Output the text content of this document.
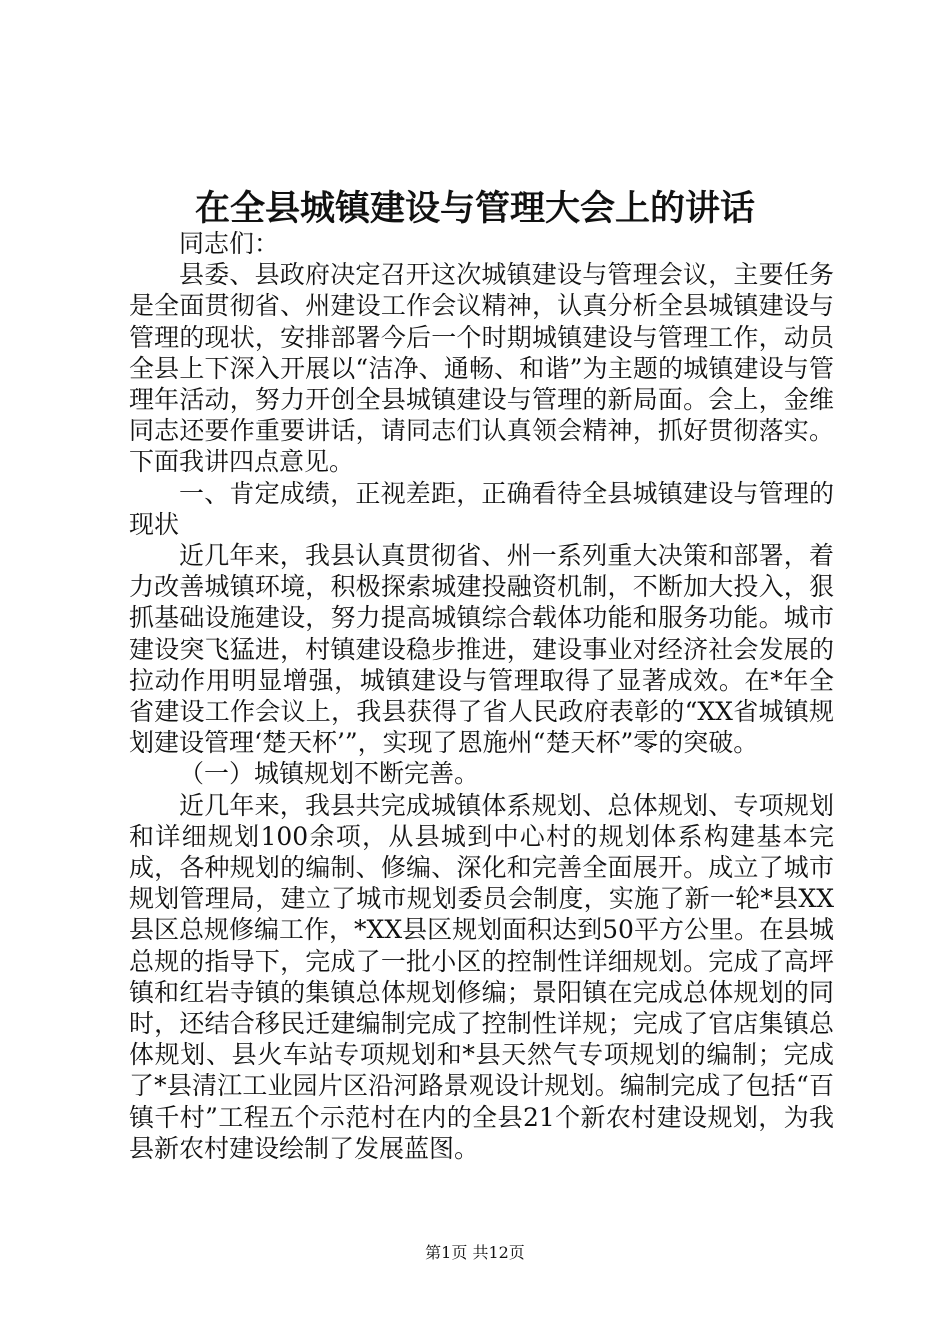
在全县城镇建设与管理大会上的讲话

同志们：

县委、县政府决定召开这次城镇建设与管理会议，主要任务是全面贯彻省、州建设工作会议精神，认真分析全县城镇建设与管理的现状，安排部署今后一个时期城镇建设与管理工作，动员全县上下深入开展以“洁净、通畅、和谐”为主题的城镇建设与管理年活动，努力开创全县城镇建设与管理的新局面。会上，金维同志还要作重要讲话，请同志们认真领会精神，抓好贯彻落实。下面我讲四点意见。

一、肯定成绩，正视差距，正确看待全县城镇建设与管理的现状

近几年来，我县认真贯彻省、州一系列重大决策和部署，着力改善城镇环境，积极探索城建投融资机制，不断加大投入，狠抓基础设施建设，努力提高城镇综合载体功能和服务功能。城市建设突飞猛进，村镇建设稳步推进，建设事业对经济社会发展的拉动作用明显增强，城镇建设与管理取得了显著成效。在*年全省建设工作会议上，我县获得了省人民政府表彰的“XX省城镇规划建设管理‘楚天杯’”，实现了恩施州“楚天杯”零的突破。

（一）城镇规划不断完善。

近几年来，我县共完成城镇体系规划、总体规划、专项规划和详细规划100余项，从县城到中心村的规划体系构建基本完成，各种规划的编制、修编、深化和完善全面展开。成立了城市规划管理局，建立了城市规划委员会制度，实施了新一轮*县XX县区总规修编工作，*XX县区规划面积达到50平方公里。在县城总规的指导下，完成了一批小区的控制性详细规划。完成了高坪镇和红岩寺镇的集镇总体规划修编；景阳镇在完成总体规划的同时，还结合移民迁建编制完成了控制性详规；完成了官店集镇总体规划、县火车站专项规划和*县天然气专项规划的编制；完成了*县清江工业园片区沿河路景观设计规划。编制完成了包括“百镇千村”工程五个示范村在内的全县21个新农村建设规划，为我县新农村建设绘制了发展蓝图。

第1页 共12页
